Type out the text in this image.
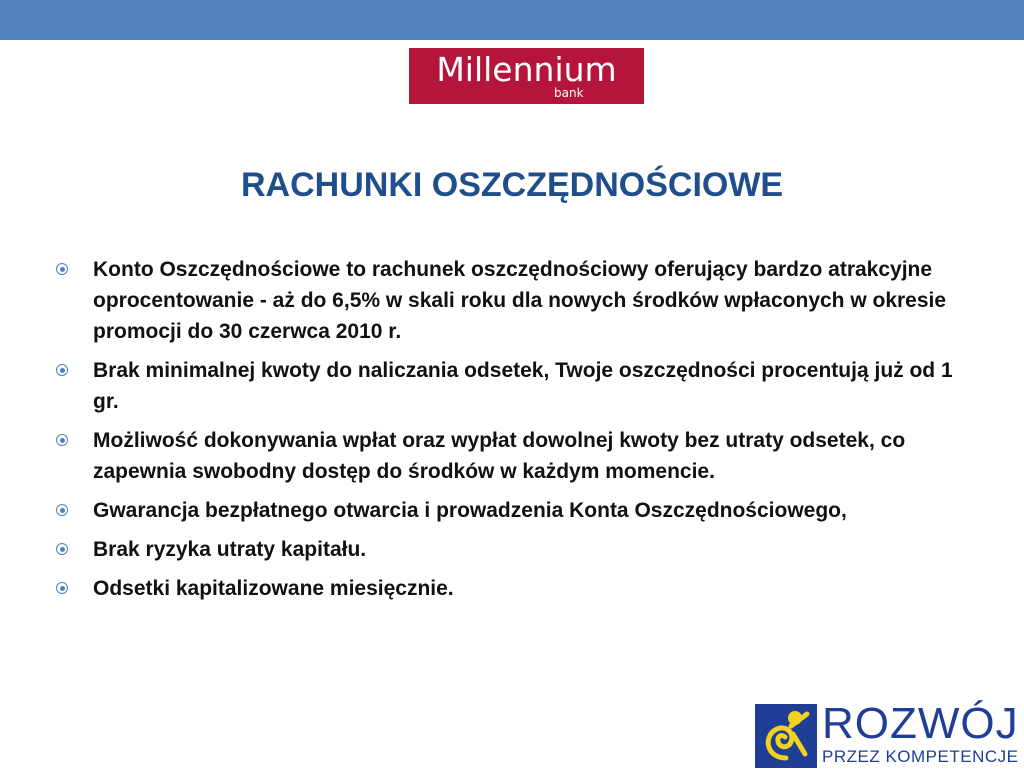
Millennium
bank
RACHUNKI OSZCZĘDNOŚCIOWE
Konto Oszczędnościowe to rachunek oszczędnościowy oferujący bardzo atrakcyjne oprocentowanie - aż do 6,5% w skali roku dla nowych środków wpłaconych w okresie promocji do 30 czerwca 2010 r.
Brak minimalnej kwoty do naliczania odsetek, Twoje oszczędności procentują już od 1 gr.
Możliwość dokonywania wpłat oraz wypłat dowolnej kwoty bez utraty odsetek, co zapewnia swobodny dostęp do środków w każdym momencie.
Gwarancja bezpłatnego otwarcia i prowadzenia Konta Oszczędnościowego,
Brak ryzyka utraty kapitału.
Odsetki kapitalizowane miesięcznie.
ROZWÓJ
PRZEZ KOMPETENCJE
